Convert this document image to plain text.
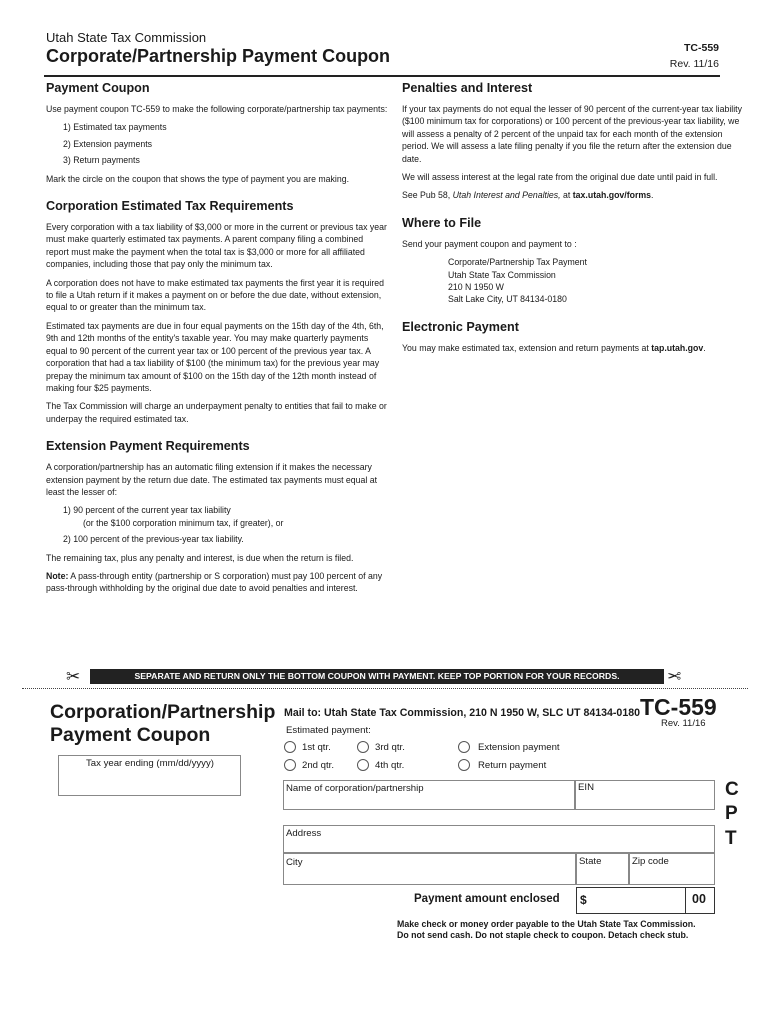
Utah State Tax Commission
Corporate/Partnership Payment Coupon	TC-559
Rev. 11/16
Payment Coupon

Use payment coupon TC-559 to make the following corporate/partnership tax payments:

1) Estimated tax payments
2) Extension payments
3) Return payments

Mark the circle on the coupon that shows the type of payment you are making.

Corporation Estimated Tax Requirements

Every corporation with a tax liability of $3,000 or more in the current or previous tax year must make quarterly estimated tax payments. A parent company filing a combined report must make the payment when the total tax is $3,000 or more for all affiliated companies, including those that pay only the minimum tax.

A corporation does not have to make estimated tax payments the first year it is required to file a Utah return if it makes a payment on or before the due date, without extension, equal to or greater than the minimum tax.

Estimated tax payments are due in four equal payments on the 15th day of the 4th, 6th, 9th and 12th months of the entity's taxable year. You may make quarterly payments equal to 90 percent of the current year tax or 100 percent of the previous year tax. A corporation that had a tax liability of $100 (the minimum tax) for the previous year may prepay the minimum tax amount of $100 on the 15th day of the 12th month instead of making four $25 payments.

The Tax Commission will charge an underpayment penalty to entities that fail to make or underpay the required estimated tax.

Extension Payment Requirements

A corporation/partnership has an automatic filing extension if it makes the necessary extension payment by the return due date. The estimated tax payments must equal at least the lesser of:

1) 90 percent of the current year tax liability
(or the $100 corporation minimum tax, if greater), or
2) 100 percent of the previous-year tax liability.

The remaining tax, plus any penalty and interest, is due when the return is filed.

Note: A pass-through entity (partnership or S corporation) must pay 100 percent of any pass-through withholding by the original due date to avoid penalties and interest.

Penalties and Interest

If your tax payments do not equal the lesser of 90 percent of the current-year tax liability ($100 minimum tax for corporations) or 100 percent of the previous-year tax liability, we will assess a penalty of 2 percent of the unpaid tax for each month of the extension period. We will assess a late filing penalty if you file the return after the extension due date.

We will assess interest at the legal rate from the original due date until paid in full.

See Pub 58, Utah Interest and Penalties, at tax.utah.gov/forms.

Where to File

Send your payment coupon and payment to :

Corporate/Partnership Tax Payment
Utah State Tax Commission
210 N 1950 W
Salt Lake City, UT 84134-0180
Electronic Payment

You may make estimated tax, extension and return payments at tap.utah.gov.

✂	SEPARATE AND RETURN ONLY THE BOTTOM COUPON WITH PAYMENT. KEEP TOP PORTION FOR YOUR RECORDS.	✂
Corporation/Partnership
Payment Coupon
Mail to: Utah State Tax Commission, 210 N 1950 W, SLC UT 84134-0180 TC-559
Rev. 11/16
Estimated payment:
1st qtr.	3rd qtr.	Extension payment
2nd qtr.	4th qtr.	Return payment
Tax year ending (mm/dd/yyyy)
Name of corporation/partnership	EIN
Address
City	State	Zip code
C
P
T
Payment amount enclosed $	00
Make check or money order payable to the Utah State Tax Commission.
Do not send cash. Do not staple check to coupon. Detach check stub.
